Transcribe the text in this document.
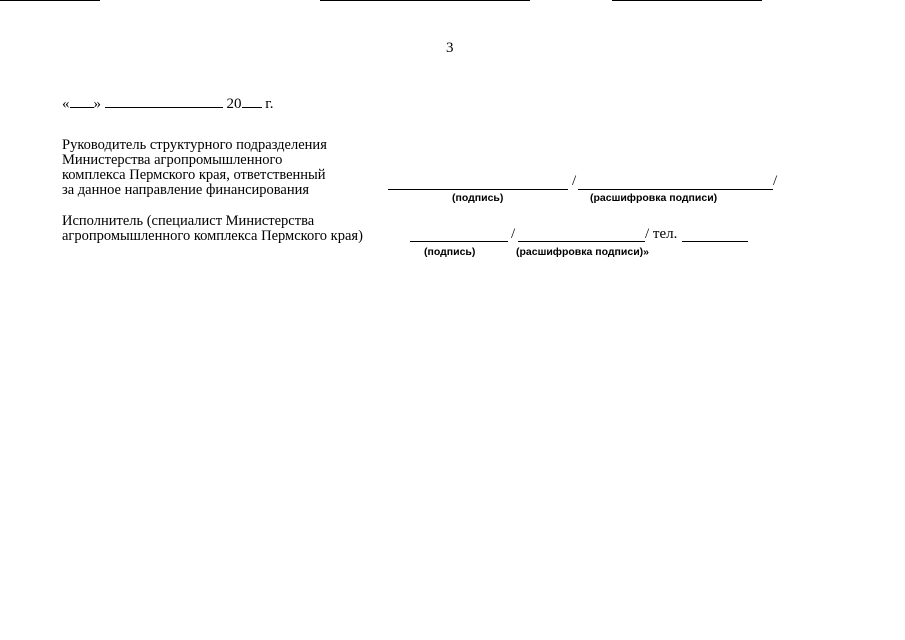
3
« »	20 г.
Руководитель структурного подразделения
Министерства агропромышленного
комплекса Пермского края, ответственный
за данное направление финансирования
/	/
(подпись)	(расшифровка подписи)
Исполнитель (специалист Министерства
агропромышленного комплекса Пермского края)	/	/ тел.
(подпись)	(расшифровка подписи)»
